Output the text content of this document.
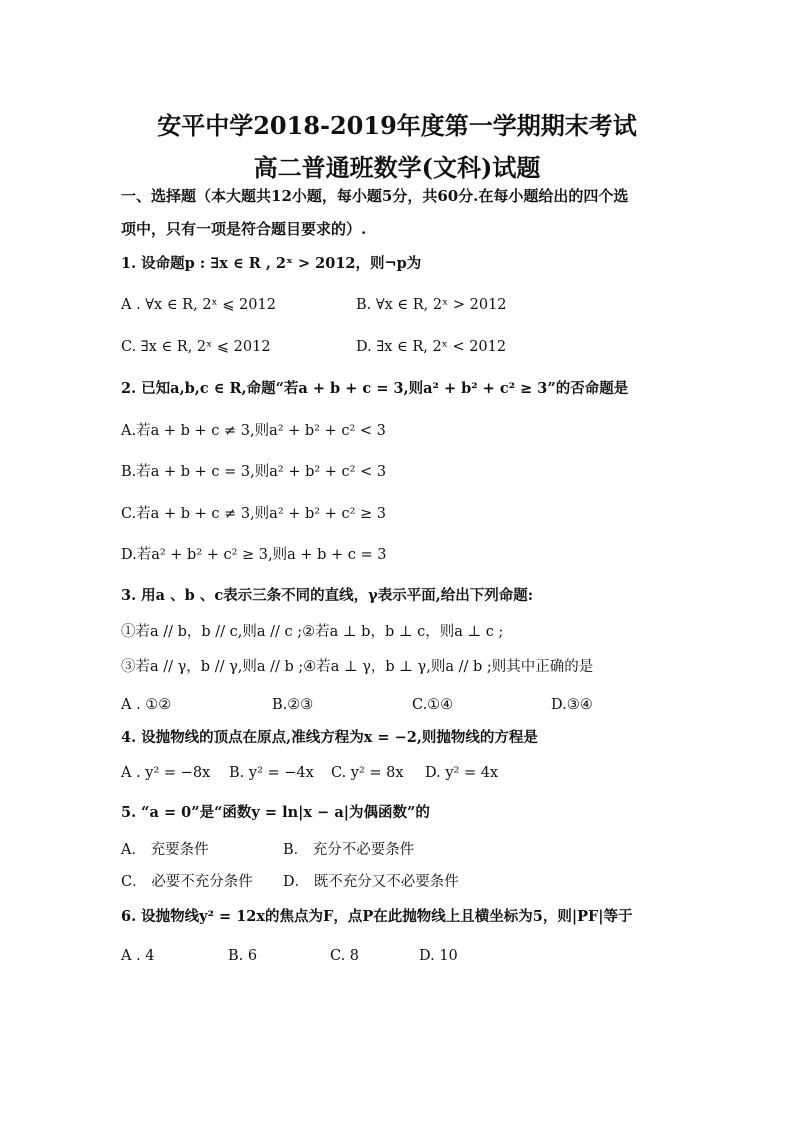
安平中学2018-2019年度第一学期期末考试
高二普通班数学(文科)试题
一、选择题（本大题共12小题，每小题5分，共60分.在每小题给出的四个选
项中，只有一项是符合题目要求的）.
1. 设命题p : ∃x ∈ R , 2ˣ > 2012，则¬p为
A . ∀x ∈ R, 2ˣ ⩽ 2012	B. ∀x ∈ R, 2ˣ > 2012
C. ∃x ∈ R, 2ˣ ⩽ 2012	D. ∃x ∈ R, 2ˣ < 2012
2. 已知a,b,c ∈ R,命题“若a + b + c = 3,则a² + b² + c² ≥ 3”的否命题是
A.若a + b + c ≠ 3,则a² + b² + c² < 3
B.若a + b + c = 3,则a² + b² + c² < 3
C.若a + b + c ≠ 3,则a² + b² + c² ≥ 3
D.若a² + b² + c² ≥ 3,则a + b + c = 3
3. 用a 、b 、c表示三条不同的直线，γ表示平面,给出下列命题:
①若a // b，b // c,则a // c ;②若a ⊥ b，b ⊥ c，则a ⊥ c ;
③若a // γ，b // γ,则a // b ;④若a ⊥ γ，b ⊥ γ,则a // b ;则其中正确的是
A . ①②	B.②③	C.①④	D.③④
4. 设抛物线的顶点在原点,准线方程为x = −2,则抛物线的方程是
A . y² = −8x B. y² = −4x C. y² = 8x D. y² = 4x
5. “a = 0”是“函数y = ln|x − a|为偶函数”的
A． 充要条件	B． 充分不必要条件
C． 必要不充分条件 D． 既不充分又不必要条件
6. 设抛物线y² = 12x的焦点为F，点P在此抛物线上且横坐标为5，则|PF|等于
A . 4	B. 6	C. 8	D. 10
